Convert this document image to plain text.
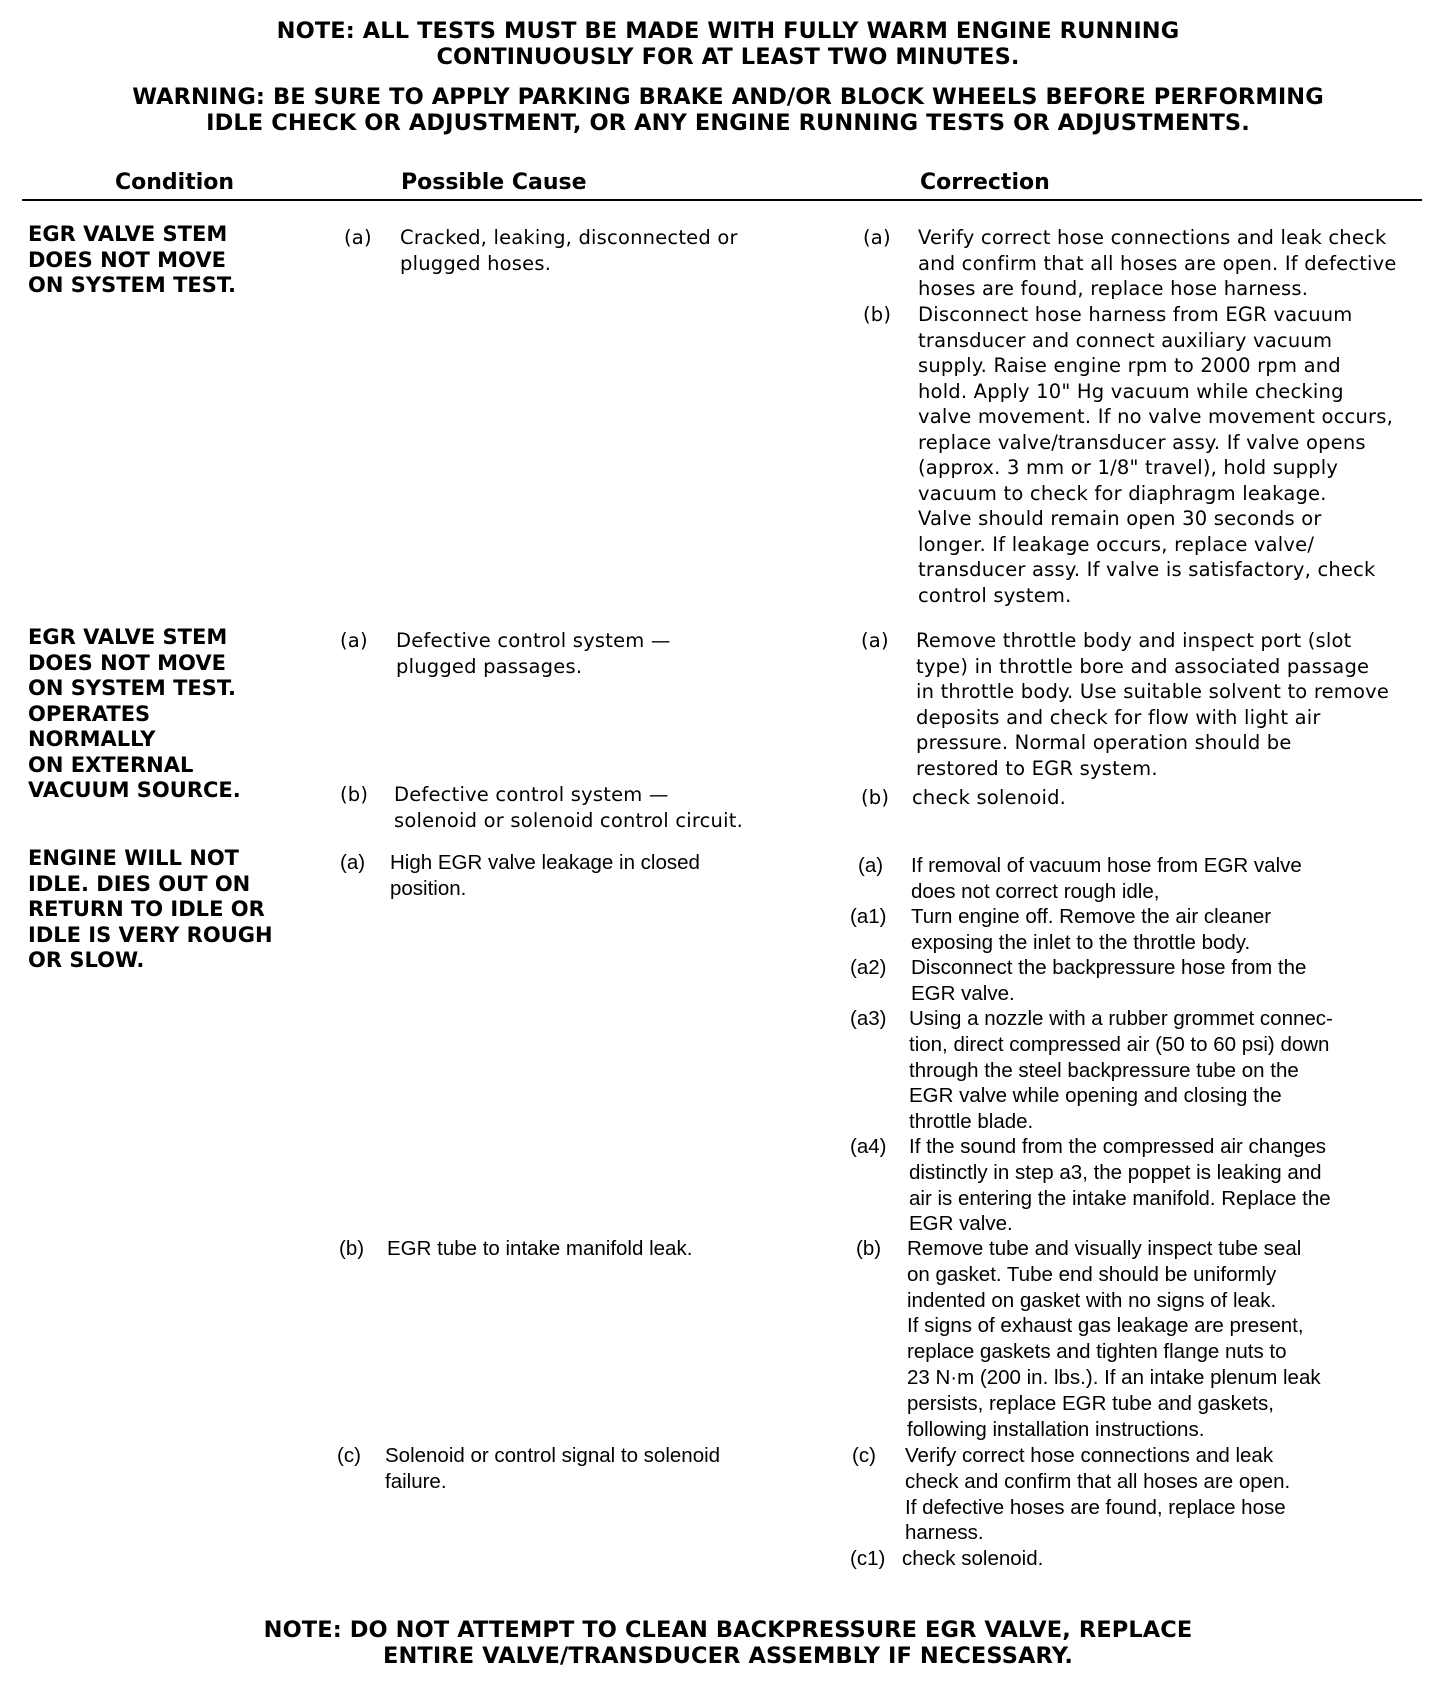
NOTE: ALL TESTS MUST BE MADE WITH FULLY WARM ENGINE RUNNING
CONTINUOUSLY FOR AT LEAST TWO MINUTES.
WARNING: BE SURE TO APPLY PARKING BRAKE AND/OR BLOCK WHEELS BEFORE PERFORMING
IDLE CHECK OR ADJUSTMENT, OR ANY ENGINE RUNNING TESTS OR ADJUSTMENTS.
Condition	Possible Cause	Correction
EGR VALVE STEM
DOES NOT MOVE
ON SYSTEM TEST.
(a) Cracked, leaking, disconnected or
plugged hoses.
(a) Verify correct hose connections and leak check
and confirm that all hoses are open. If defective
hoses are found, replace hose harness.
(b) Disconnect hose harness from EGR vacuum
transducer and connect auxiliary vacuum
supply. Raise engine rpm to 2000 rpm and
hold. Apply 10" Hg vacuum while checking
valve movement. If no valve movement occurs,
replace valve/transducer assy. If valve opens
(approx. 3 mm or 1/8" travel), hold supply
vacuum to check for diaphragm leakage.
Valve should remain open 30 seconds or
longer. If leakage occurs, replace valve/
transducer assy. If valve is satisfactory, check
control system.
EGR VALVE STEM
DOES NOT MOVE
ON SYSTEM TEST.
OPERATES
NORMALLY
ON EXTERNAL
VACUUM SOURCE.
(a) Defective control system —
plugged passages.
(b) Defective control system —
solenoid or solenoid control circuit.
(a) Remove throttle body and inspect port (slot
type) in throttle bore and associated passage
in throttle body. Use suitable solvent to remove
deposits and check for flow with light air
pressure. Normal operation should be
restored to EGR system.
(b) check solenoid.
ENGINE WILL NOT
IDLE. DIES OUT ON
RETURN TO IDLE OR
IDLE IS VERY ROUGH
OR SLOW.
(a) High EGR valve leakage in closed
position.
(b) EGR tube to intake manifold leak.
(c) Solenoid or control signal to solenoid
failure.
(a) If removal of vacuum hose from EGR valve
does not correct rough idle,
(a1) Turn engine off. Remove the air cleaner
exposing the inlet to the throttle body.
(a2) Disconnect the backpressure hose from the
EGR valve.
(a3) Using a nozzle with a rubber grommet connec-
tion, direct compressed air (50 to 60 psi) down
through the steel backpressure tube on the
EGR valve while opening and closing the
throttle blade.
(a4) If the sound from the compressed air changes
distinctly in step a3, the poppet is leaking and
air is entering the intake manifold. Replace the
EGR valve.
(b) Remove tube and visually inspect tube seal
on gasket. Tube end should be uniformly
indented on gasket with no signs of leak.
If signs of exhaust gas leakage are present,
replace gaskets and tighten flange nuts to
23 N·m (200 in. lbs.). If an intake plenum leak
persists, replace EGR tube and gaskets,
following installation instructions.
(c) Verify correct hose connections and leak
check and confirm that all hoses are open.
If defective hoses are found, replace hose
harness.
(c1) check solenoid.
NOTE: DO NOT ATTEMPT TO CLEAN BACKPRESSURE EGR VALVE, REPLACE
ENTIRE VALVE/TRANSDUCER ASSEMBLY IF NECESSARY.
